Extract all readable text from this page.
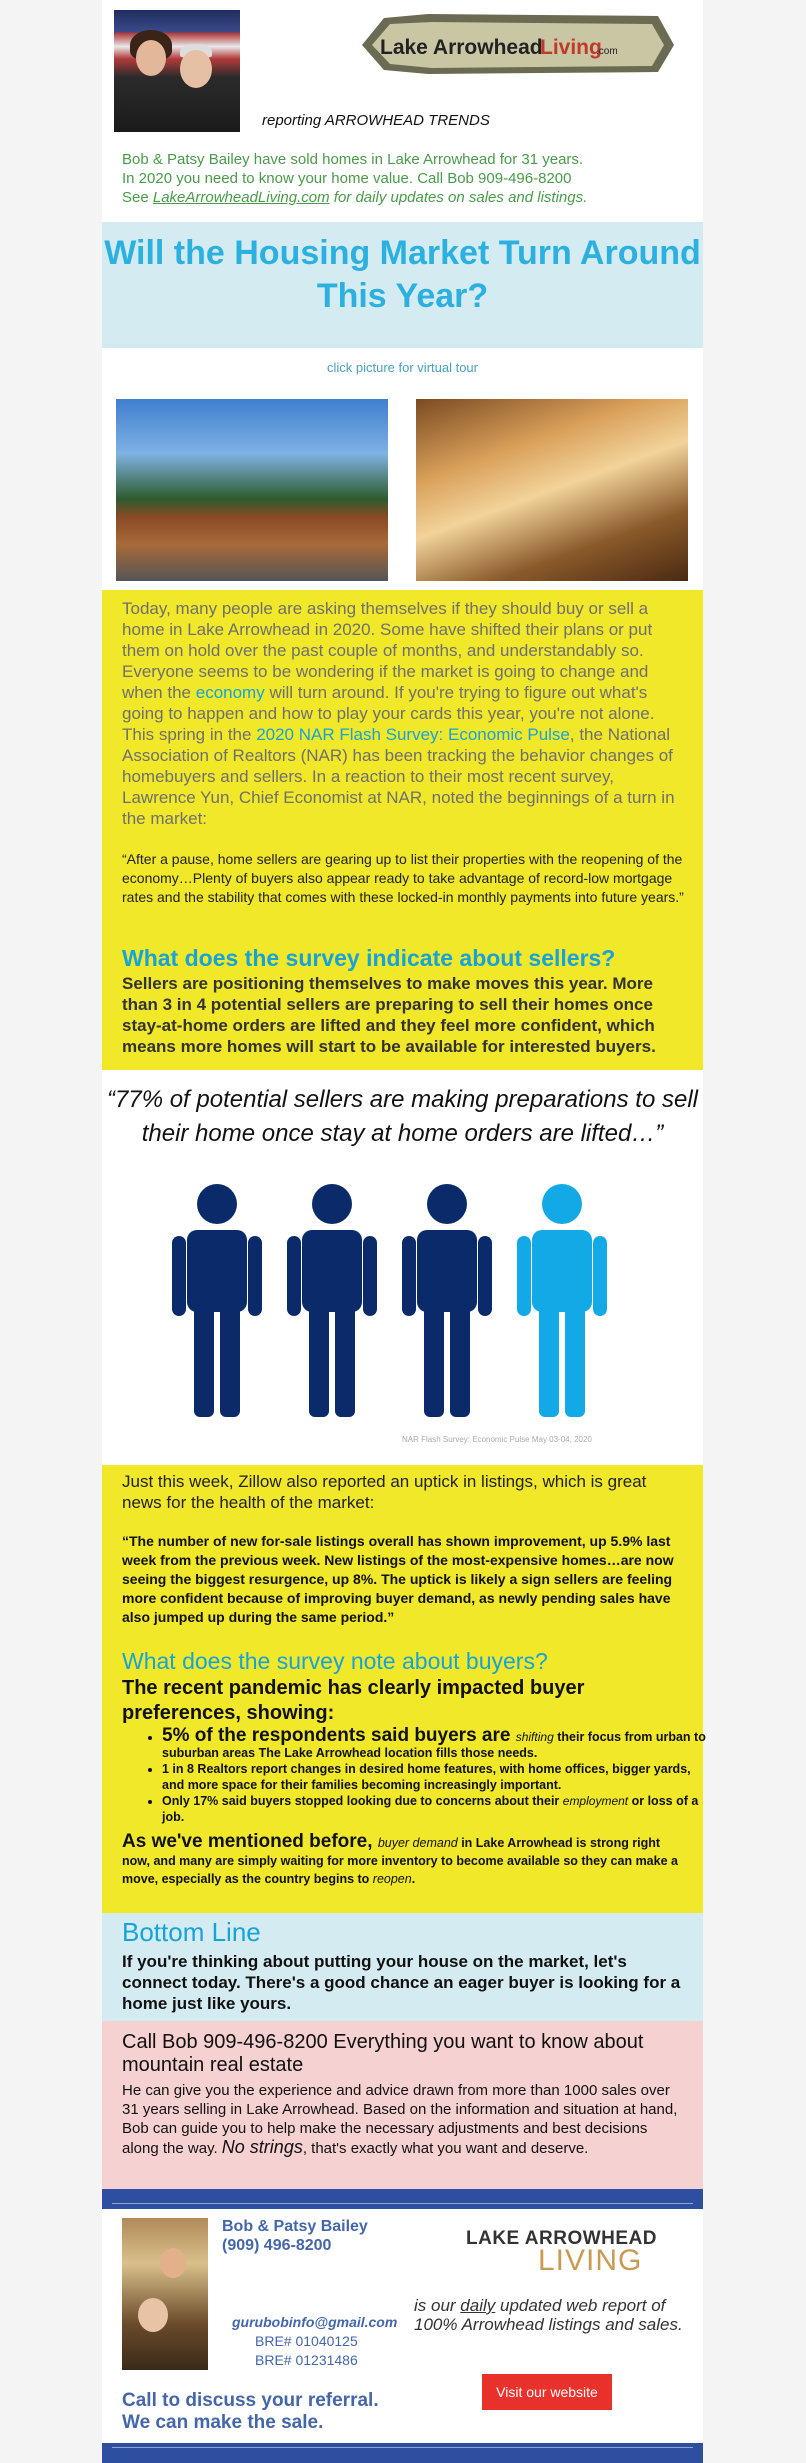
Lake Arrowhead
Living
.com
reporting ARROWHEAD TRENDS
Bob & Patsy Bailey have sold homes in Lake Arrowhead for 31 years.
In 2020 you need to know your home value. Call Bob 909-496-8200
See LakeArrowheadLiving.com for daily updates on sales and listings.
Will the Housing Market Turn Around This Year?
click picture for virtual tour
Today, many people are asking themselves if they should buy or sell a home in Lake Arrowhead in 2020. Some have shifted their plans or put them on hold over the past couple of months, and understandably so. Everyone seems to be wondering if the market is going to change and when the economy will turn around. If you're trying to figure out what's going to happen and how to play your cards this year, you're not alone. This spring in the 2020 NAR Flash Survey: Economic Pulse, the National Association of Realtors (NAR) has been tracking the behavior changes of homebuyers and sellers. In a reaction to their most recent survey, Lawrence Yun, Chief Economist at NAR, noted the beginnings of a turn in the market:
“After a pause, home sellers are gearing up to list their properties with the reopening of the economy…Plenty of buyers also appear ready to take advantage of record-low mortgage rates and the stability that comes with these locked-in monthly payments into future years.”
What does the survey indicate about sellers?
Sellers are positioning themselves to make moves this year. More than 3 in 4 potential sellers are preparing to sell their homes once stay-at-home orders are lifted and they feel more confident, which means more homes will start to be available for interested buyers.
“77% of potential sellers are making preparations to sell their home once stay at home orders are lifted…”
NAR Flash Survey: Economic Pulse May 03-04, 2020
Just this week, Zillow also reported an uptick in listings, which is great news for the health of the market:
“The number of new for-sale listings overall has shown improvement, up 5.9% last week from the previous week. New listings of the most-expensive homes…are now seeing the biggest resurgence, up 8%. The uptick is likely a sign sellers are feeling more confident because of improving buyer demand, as newly pending sales have also jumped up during the same period.”
What does the survey note about buyers?
The recent pandemic has clearly impacted buyer preferences, showing:
• 5% of the respondents said buyers are shifting their focus from urban to suburban areas The Lake Arrowhead location fills those needs.
• 1 in 8 Realtors report changes in desired home features, with home offices, bigger yards, and more space for their families becoming increasingly important.
• Only 17% said buyers stopped looking due to concerns about their employment or loss of a job.
As we've mentioned before, buyer demand in Lake Arrowhead is strong right now, and many are simply waiting for more inventory to become available so they can make a move, especially as the country begins to reopen.
Bottom Line
If you're thinking about putting your house on the market, let's connect today. There's a good chance an eager buyer is looking for a home just like yours.
Call Bob 909-496-8200 Everything you want to know about mountain real estate
He can give you the experience and advice drawn from more than 1000 sales over 31 years selling in Lake Arrowhead. Based on the information and situation at hand, Bob can guide you to help make the necessary adjustments and best decisions along the way. No strings, that's exactly what you want and deserve.
Bob & Patsy Bailey
(909) 496-8200
gurubobinfo@gmail.com
BRE# 01040125
BRE# 01231486
Call to discuss your referral. We can make the sale.
LAKE ARROWHEAD
LIVING
is our daily updated web report of 100% Arrowhead listings and sales.
Visit our website
